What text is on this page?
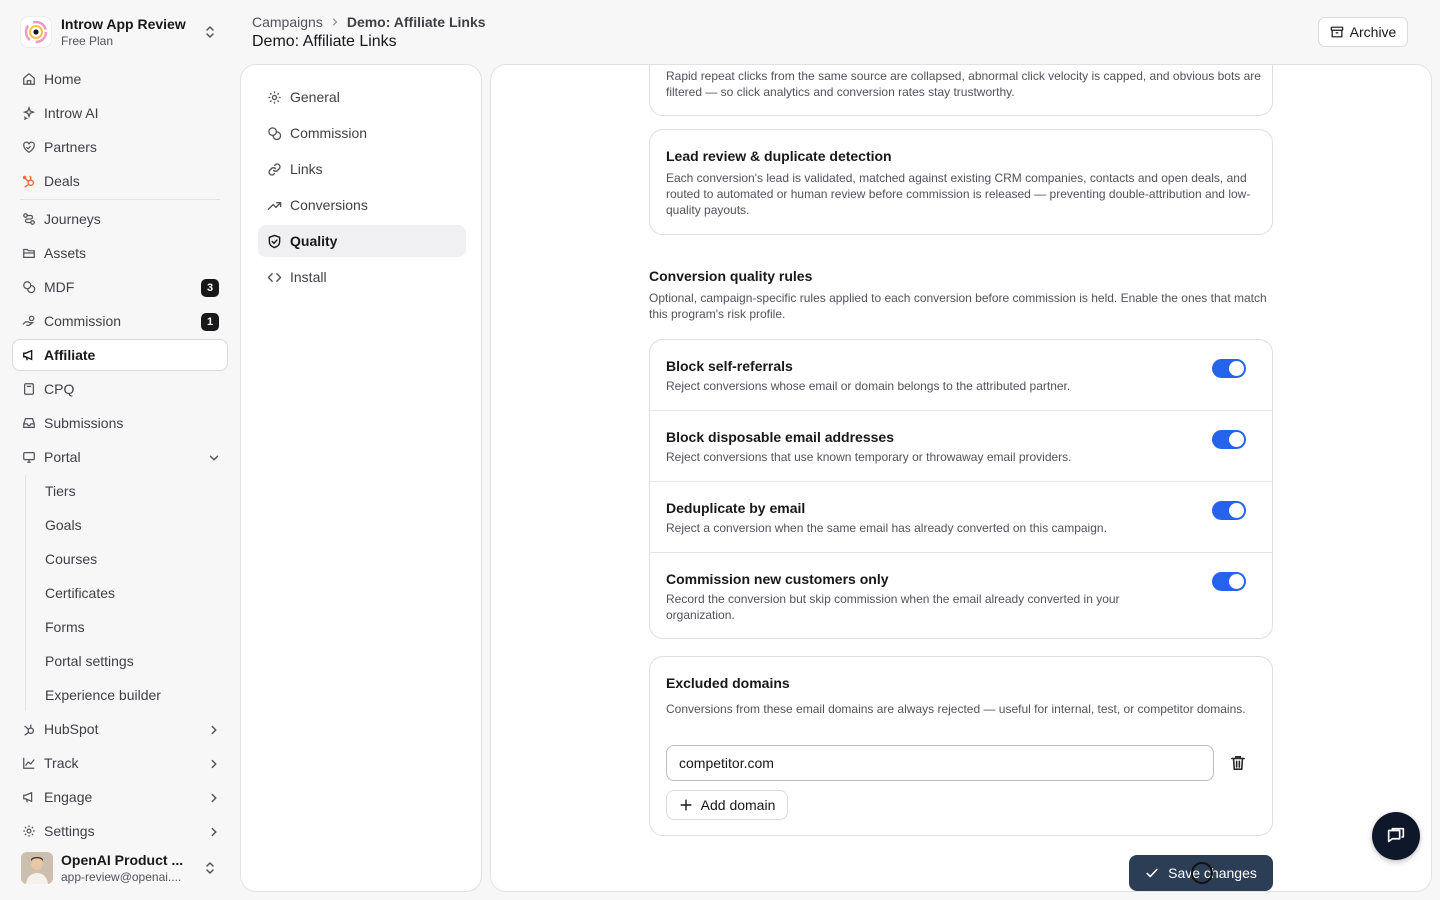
Introw App Review
Free Plan
Home
Introw AI
Partners
Deals
Journeys
Assets
MDF	3
Commission	1
Affiliate
CPQ
Submissions
Portal
Tiers
Goals
Courses
Certificates
Forms
Portal settings
Experience builder
HubSpot
Track
Engage
Settings
OpenAI Product ...
app-review@openai....
Campaigns Demo: Affiliate Links
Demo: Affiliate Links
Archive
General
Commission
Links
Conversions
Quality
Install
Rapid repeat clicks from the same source are collapsed, abnormal click velocity is capped, and obvious bots are filtered — so click analytics and conversion rates stay trustworthy.
Lead review & duplicate detection
Each conversion's lead is validated, matched against existing CRM companies, contacts and open deals, and routed to automated or human review before commission is released — preventing double-attribution and low-quality payouts.
Conversion quality rules
Optional, campaign-specific rules applied to each conversion before commission is held. Enable the ones that match this program's risk profile.
Block self-referrals
Reject conversions whose email or domain belongs to the attributed partner.
Block disposable email addresses
Reject conversions that use known temporary or throwaway email providers.
Deduplicate by email
Reject a conversion when the same email has already converted on this campaign.
Commission new customers only
Record the conversion but skip commission when the email already converted in your organization.
Excluded domains
Conversions from these email domains are always rejected — useful for internal, test, or competitor domains.
competitor.com
Add domain
Save changes
